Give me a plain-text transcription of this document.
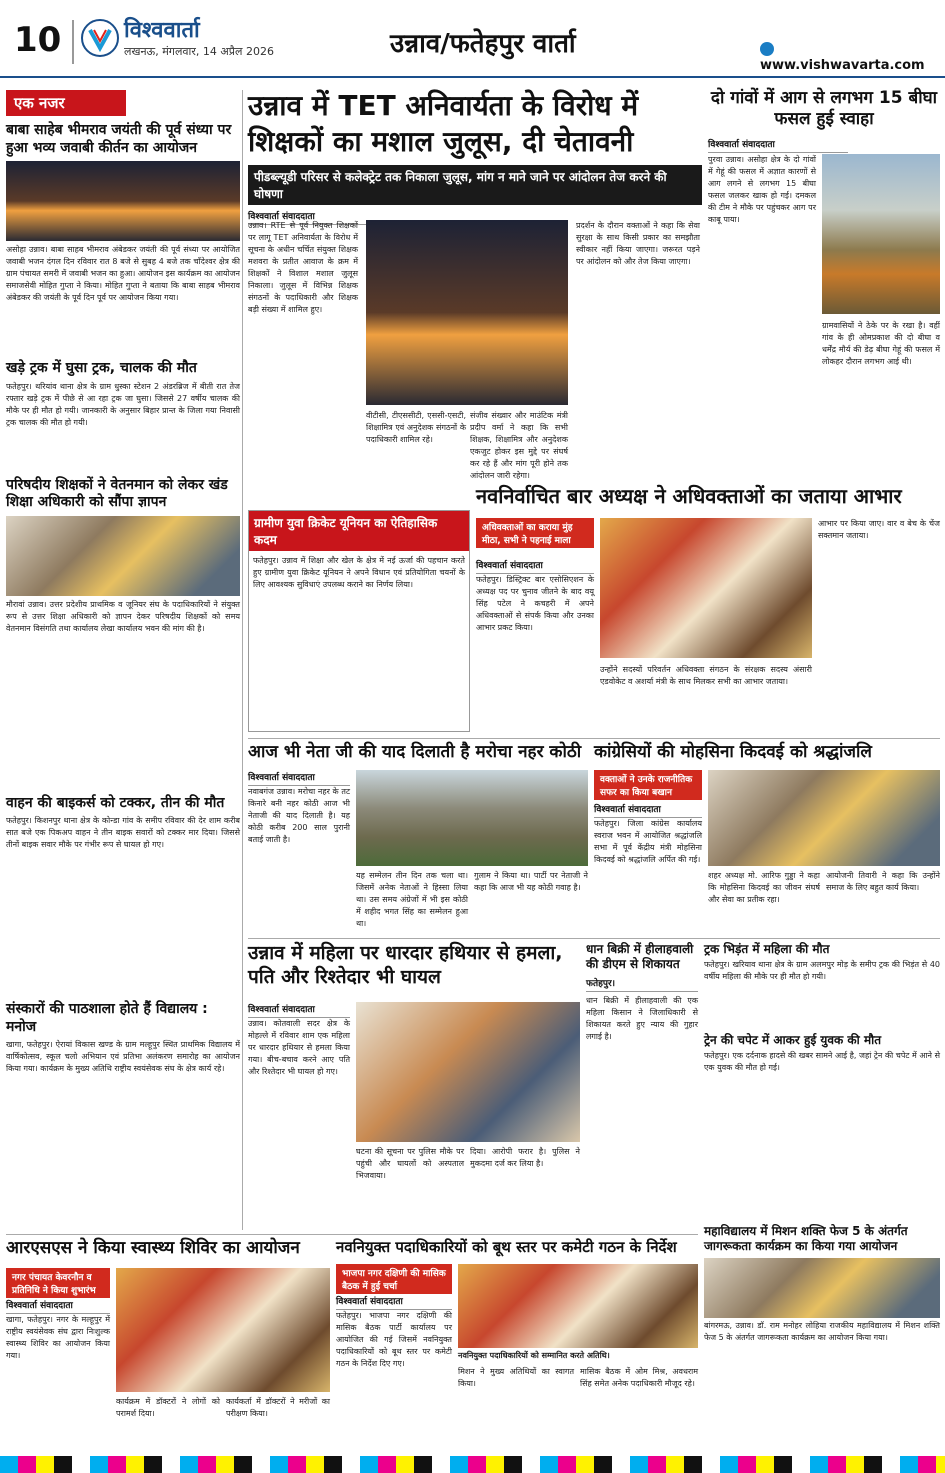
10	विश्ववार्ता
लखनऊ, मंगलवार, 14 अप्रैल 2026	उन्नाव/फतेहपुर वार्ता
www.vishwavarta.com
एक नजर
बाबा साहेब भीमराव जयंती की पूर्व संध्या पर हुआ भव्य जवाबी कीर्तन का आयोजन
असोहा उन्नाव। बाबा साहब भीमराव अंबेडकर जयंती की पूर्व संध्या पर आयोजित जवाबी भजन दंगल दिन रविवार रात 8 बजे से सुबह 4 बजे तक चाँदेश्वर क्षेत्र की ग्राम पंचायत समरी में जवाबी भजन का हुआ। आयोजन इस कार्यक्रम का आयोजन समाजसेवी मोहित गुप्ता ने किया। मोहित गुप्ता ने बताया कि बाबा साहब भीमराव अंबेडकर की जयंती के पूर्व दिन पूर्व पर आयोजन किया गया।
खड़े ट्रक में घुसा ट्रक, चालक की मौत
फतेहपुर। थरियांव थाना क्षेत्र के ग्राम धुस्का स्टेशन 2 अंडरब्रिज में बीती रात तेज रफ्तार खड़े ट्रक में पीछे से आ रहा ट्रक जा घुसा। जिससे 27 वर्षीय चालक की मौके पर ही मौत हो गयी। जानकारी के अनुसार बिहार प्रान्त के जिला गया निवासी ट्रक चालक की मौत हो गयी।
परिषदीय शिक्षकों ने वेतनमान को लेकर खंड शिक्षा अधिकारी को सौंपा ज्ञापन
मौरावां उन्नाव। उत्तर प्रदेशीय प्राथमिक व जूनियर संघ के पदाधिकारियों ने संयुक्त रूप से उत्तर शिक्षा अधिकारी को ज्ञापन देकर परिषदीय शिक्षकों को समय वेतनमान विसंगति तथा कार्यालय लेखा कार्यालय भवन की मांग की है।
वाहन की बाइकर्स को टक्कर, तीन की मौत
फतेहपुर। किशनपुर थाना क्षेत्र के कोन्डा गांव के समीप रविवार की देर शाम करीब सात बजे एक पिकअप वाहन ने तीन बाइक सवारों को टक्कर मार दिया। जिससे तीनों बाइक सवार मौके पर गंभीर रूप से घायल हो गए।
संस्कारों की पाठशाला होते हैं विद्यालय : मनोज
खागा, फतेहपुर। ऐरायां विकास खण्ड के ग्राम मल्हूपुर स्थित प्राथमिक विद्यालय में वार्षिकोत्सव, स्कूल चलो अभियान एवं प्रतिभा अलंकरण समारोह का आयोजन किया गया। कार्यक्रम के मुख्य अतिथि राष्ट्रीय स्वयंसेवक संघ के क्षेत्र कार्य रहे।
उन्नाव में TET अनिवार्यता के विरोध में शिक्षकों का मशाल जुलूस, दी चेतावनी
पीडब्ल्यूडी परिसर से कलेक्ट्रेट तक निकाला जुलूस, मांग न माने जाने पर आंदोलन तेज करने की घोषणा
विश्ववार्ता संवाददाता
उन्नाव। RTE से पूर्व नियुक्त शिक्षकों पर लागू TET अनिवार्यता के विरोध में सूचना के अधीन चर्चित संयुक्त शिक्षक मशवरा के प्रतीत आवाज के क्रम में शिक्षकों ने विशाल मशाल जुलूस निकाला। जुलूस में विभिन्न शिक्षक संगठनों के पदाधिकारी और शिक्षक बड़ी संख्या में शामिल हुए।
वीटीसी, टीएससीटी, एससी-एसटी, शिक्षामित्र एवं अनुदेशक संगठनों के पदाधिकारी शामिल रहे।
संजीव संख्वार और माउंटिक मंत्री प्रदीप वर्मा ने कहा कि सभी शिक्षक, शिक्षामित्र और अनुदेशक एकजुट होकर इस मुद्दे पर संघर्ष कर रहे हैं और मांग पूरी होने तक आंदोलन जारी रहेगा।
प्रदर्शन के दौरान वक्ताओं ने कहा कि सेवा सुरक्षा के साथ किसी प्रकार का समझौता स्वीकार नहीं किया जाएगा। जरूरत पड़ने पर आंदोलन को और तेज किया जाएगा।
दो गांवों में आग से लगभग 15 बीघा फसल हुई स्वाहा
विश्ववार्ता संवाददाता
पुरवा उन्नाव। असोहा क्षेत्र के दो गांवों में गेहूं की फसल में अज्ञात कारणों से आग लगने से लगभग 15 बीघा फसल जलकर खाक हो गई। दमकल की टीम ने मौके पर पहुंचकर आग पर काबू पाया।
ग्रामवासियों ने ठेके पर के रखा है। वहीं गांव के ही ओमप्रकाश की दो बीघा व धर्मेंद्र मौर्य की डेढ़ बीघा गेहूं की फसल में लोकहर दौरान लगभग आई थी।
ग्रामीण युवा क्रिकेट यूनियन का ऐतिहासिक कदम
फतेहपुर। उन्नाव में शिक्षा और खेल के क्षेत्र में नई ऊर्जा की पहचान करते हुए ग्रामीण युवा क्रिकेट यूनियन ने अपने विधान एवं प्रतियोगिता चयनों के लिए आवश्यक सुविधाएं उपलब्ध कराने का निर्णय लिया।
नवनिर्वाचित बार अध्यक्ष ने अधिवक्ताओं का जताया आभार
अधिवक्ताओं का कराया मुंह मीठा, सभी ने पहनाई माला
विश्ववार्ता संवाददाता
फतेहपुर। डिस्ट्रिक्ट बार एसोसिएशन के अध्यक्ष पद पर चुनाव जीतने के बाद वयू सिंह पटेल ने कचहरी में अपने अधिवक्ताओं से संपर्क किया और उनका आभार प्रकट किया।
उन्होंने सदस्यों परिवर्तन अधिवक्ता संगठन के संरक्षक सदस्य अंसारी एडवोकेट व अशर्या मंत्री के साथ मिलकर सभी का आभार जताया।
आभार पर किया जाए। वार व बेच के चेंज सक्तमान जताया।
आज भी नेता जी की याद दिलाती है मरोचा नहर कोठी
विश्ववार्ता संवाददाता
नवाबगंज उन्नाव। मरोचा नहर के तट किनारे बनी नहर कोठी आज भी नेताजी की याद दिलाती है। यह कोठी करीब 200 साल पुरानी बताई जाती है।
यह सम्मेलन तीन दिन तक चला था। जिसमें अनेक नेताओं ने हिस्सा लिया था। उस समय अंग्रेजों में भी इस कोठी में शहीद भगत सिंह का सम्मेलन हुआ था।
गुलाम ने किया था। पार्टी पर नेताजी ने कहा कि आज भी यह कोठी गवाह है।
कांग्रेसियों की मोहसिना किदवई को श्रद्धांजलि
वक्ताओं ने उनके राजनीतिक सफर का किया बखान
विश्ववार्ता संवाददाता
फतेहपुर। जिला कांग्रेस कार्यालय स्वराज भवन में आयोजित श्रद्धांजलि सभा में पूर्व केंद्रीय मंत्री मोहसिना किदवई को श्रद्धांजलि अर्पित की गई।
शहर अध्यक्ष मो. आरिफ गुड्डा ने कहा कि मोहसिना किदवई का जीवन संघर्ष और सेवा का प्रतीक रहा।
आयोजनी तिवारी ने कहा कि उन्होंने समाज के लिए बहुत कार्य किया।
उन्नाव में महिला पर धारदार हथियार से हमला, पति और रिश्तेदार भी घायल
विश्ववार्ता संवाददाता
उन्नाव। कोतवाली सदर क्षेत्र के मोहल्ले में रविवार शाम एक महिला पर धारदार हथियार से हमला किया गया। बीच-बचाव करने आए पति और रिश्तेदार भी घायल हो गए।
घटना की सूचना पर पुलिस मौके पर पहुंची और घायलों को अस्पताल भिजवाया।
दिया। आरोपी फरार है। पुलिस ने मुकदमा दर्ज कर लिया है।
धान बिक्री में हीलाहवाली की डीएम से शिकायत
फतेहपुर।
धान बिक्री में हीलाहवाली की एक महिला किसान ने जिलाधिकारी से शिकायत करते हुए न्याय की गुहार लगाई है।
ट्रक भिड़ंत में महिला की मौत
फतेहपुर। खरियाव थाना क्षेत्र के ग्राम अलमपुर मोड़ के समीप ट्रक की भिड़ंत से 40 वर्षीय महिला की मौके पर ही मौत हो गयी।
ट्रेन की चपेट में आकर हुई युवक की मौत
फतेहपुर। एक दर्दनाक हादसे की खबर सामने आई है, जहां ट्रेन की चपेट में आने से एक युवक की मौत हो गई।
महाविद्यालय में मिशन शक्ति फेज 5 के अंतर्गत जागरूकता कार्यक्रम का किया गया आयोजन
बांगरमऊ, उन्नाव। डॉ. राम मनोहर लोहिया राजकीय महाविद्यालय में मिशन शक्ति फेज 5 के अंतर्गत जागरूकता कार्यक्रम का आयोजन किया गया।
आरएसएस ने किया स्वास्थ्य शिविर का आयोजन
नगर पंचायत केवरनौन व प्रतिनिधि ने किया शुभारंभ
विश्ववार्ता संवाददाता
खागा, फतेहपुर। नगर के मल्हूपुर में राष्ट्रीय स्वयंसेवक संघ द्वारा निःशुल्क स्वास्थ्य शिविर का आयोजन किया गया।
कार्यक्रम में डॉक्टरों ने लोगों को परामर्श दिया।
कार्यकर्ता में डॉक्टरों ने मरीजों का परीक्षण किया।
नवनियुक्त पदाधिकारियों को बूथ स्तर पर कमेटी गठन के निर्देश
भाजपा नगर दक्षिणी की मासिक बैठक में हुई चर्चा
विश्ववार्ता संवाददाता
फतेहपुर। भाजपा नगर दक्षिणी की मासिक बैठक पार्टी कार्यालय पर आयोजित की गई जिसमें नवनियुक्त पदाधिकारियों को बूथ स्तर पर कमेटी गठन के निर्देश दिए गए।
नवनियुक्त पदाधिकारियों को सम्मानित करते अतिथि।
मिशन ने मुख्य अतिथियों का स्वागत किया।
मासिक बैठक में ओम मिश्र, अवधराम सिंह समेत अनेक पदाधिकारी मौजूद रहे।
